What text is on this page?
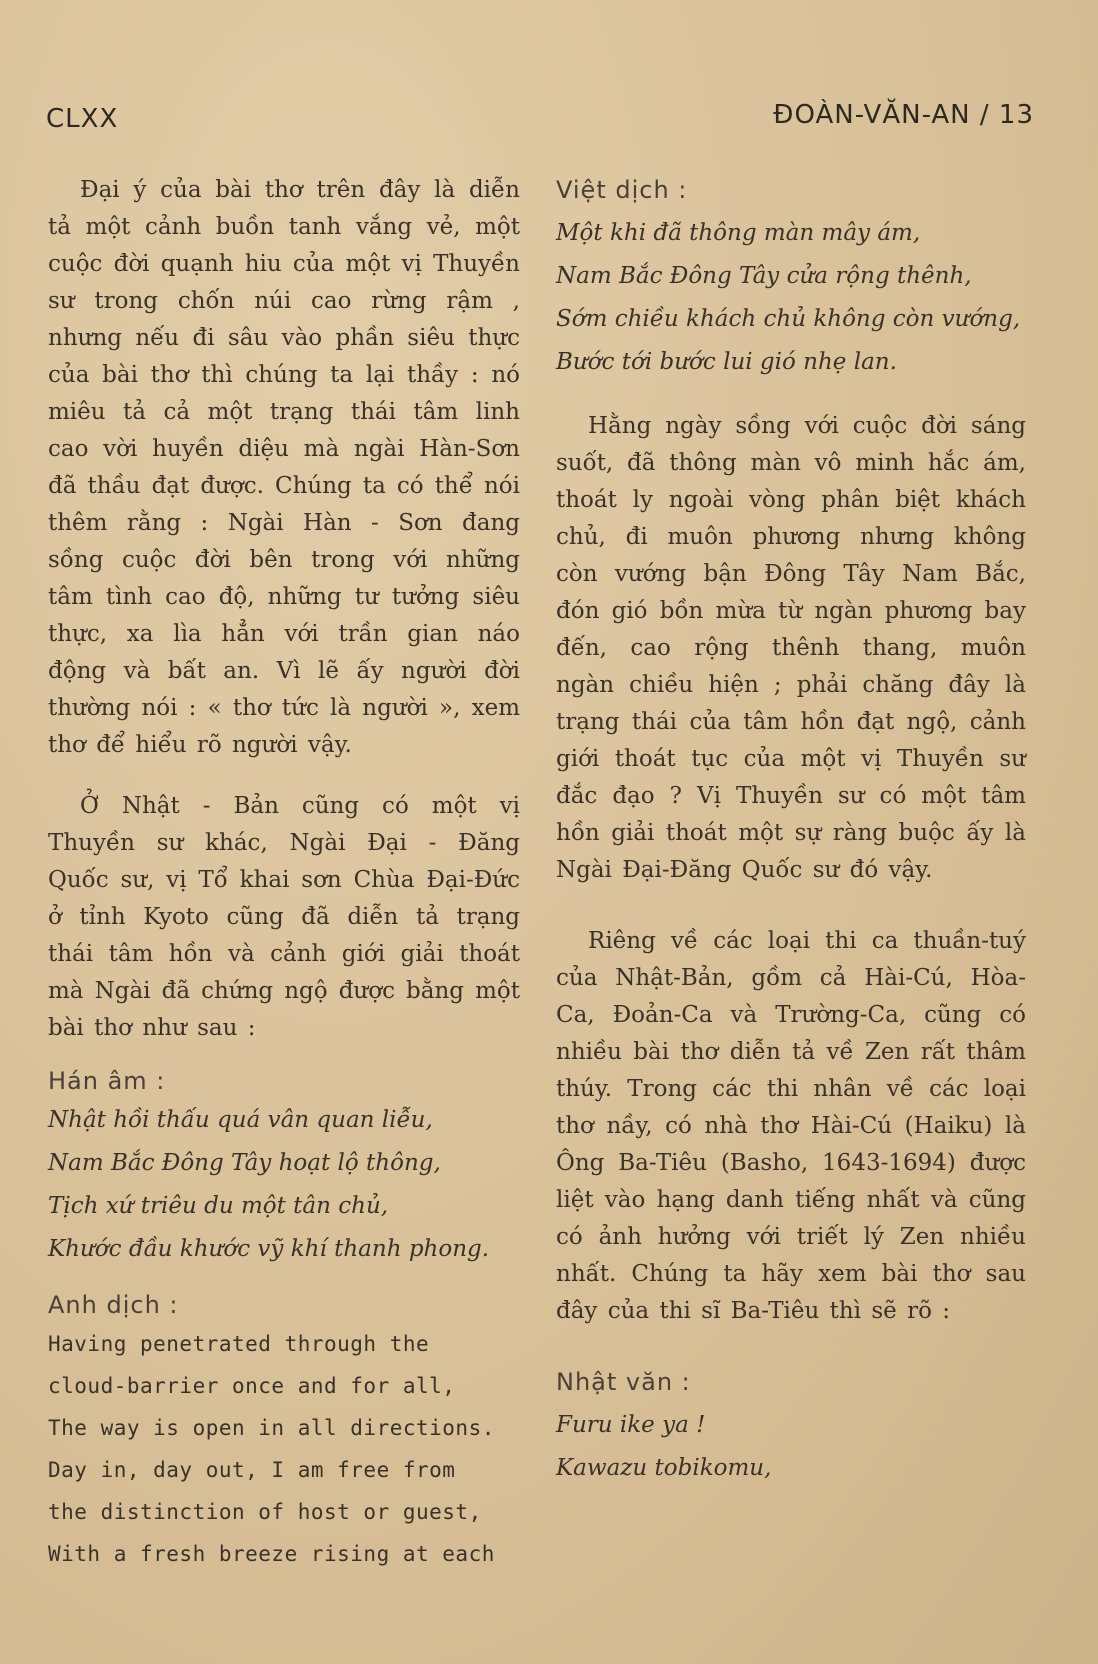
CLXX	ĐOÀN-VĂN-AN / 13

Đại ý của bài thơ trên đây là diễn tả một cảnh buồn tanh vắng vẻ, một cuộc đời quạnh hiu của một vị Thuyền sư trong chốn núi cao rừng rậm , nhưng nếu đi sâu vào phần siêu thực của bài thơ thì chúng ta lại thầy : nó miêu tả cả một trạng thái tâm linh cao vời huyền diệu mà ngài Hàn-Sơn đã thầu đạt được. Chúng ta có thể nói thêm rằng : Ngài Hàn - Sơn đang sồng cuộc đời bên trong với những tâm tình cao độ, những tư tưởng siêu thực, xa lìa hẳn với trần gian náo động và bất an. Vì lẽ ấy người đời thường nói : « thơ tức là người », xem thơ để hiểu rõ người vậy.

Ở Nhật - Bản cũng có một vị Thuyền sư khác, Ngài Đại - Đăng Quốc sư, vị Tổ khai sơn Chùa Đại-Đức ở tỉnh Kyoto cũng đã diễn tả trạng thái tâm hồn và cảnh giới giải thoát mà Ngài đã chứng ngộ được bằng một bài thơ như sau :

Hán âm :
Nhật hồi thấu quá vân quan liễu,
Nam Bắc Đông Tây hoạt lộ thông,
Tịch xứ triêu du một tân chủ,
Khước đầu khước vỹ khí thanh phong.
Anh dịch :
Having penetrated through the
cloud-barrier once and for all,
The way is open in all directions.
Day in, day out, I am free from
the distinction of host or guest,
With a fresh breeze rising at each
Việt dịch :
Một khi đã thông màn mây ám,
Nam Bắc Đông Tây cửa rộng thênh,
Sớm chiều khách chủ không còn vướng,
Bước tới bước lui gió nhẹ lan.

Hằng ngày sồng với cuộc đời sáng suốt, đã thông màn vô minh hắc ám, thoát ly ngoài vòng phân biệt khách chủ, đi muôn phương nhưng không còn vướng bận Đông Tây Nam Bắc, đón gió bồn mừa từ ngàn phương bay đến, cao rộng thênh thang, muôn ngàn chiều hiện ; phải chăng đây là trạng thái của tâm hồn đạt ngộ, cảnh giới thoát tục của một vị Thuyền sư đắc đạo ? Vị Thuyền sư có một tâm hồn giải thoát một sự ràng buộc ấy là Ngài Đại-Đăng Quốc sư đó vậy.

Riêng về các loại thi ca thuần-tuý của Nhật-Bản, gồm cả Hài-Cú, Hòa-Ca, Đoản-Ca và Trường-Ca, cũng có nhiều bài thơ diễn tả về Zen rất thâm thúy. Trong các thi nhân về các loại thơ nầy, có nhà thơ Hài-Cú (Haiku) là Ông Ba-Tiêu (Basho, 1643-1694) được liệt vào hạng danh tiếng nhất và cũng có ảnh hưởng với triết lý Zen nhiều nhất. Chúng ta hãy xem bài thơ sau đây của thi sĩ Ba-Tiêu thì sẽ rõ :

Nhật văn :
Furu ike ya !
Kawazu tobikomu,
